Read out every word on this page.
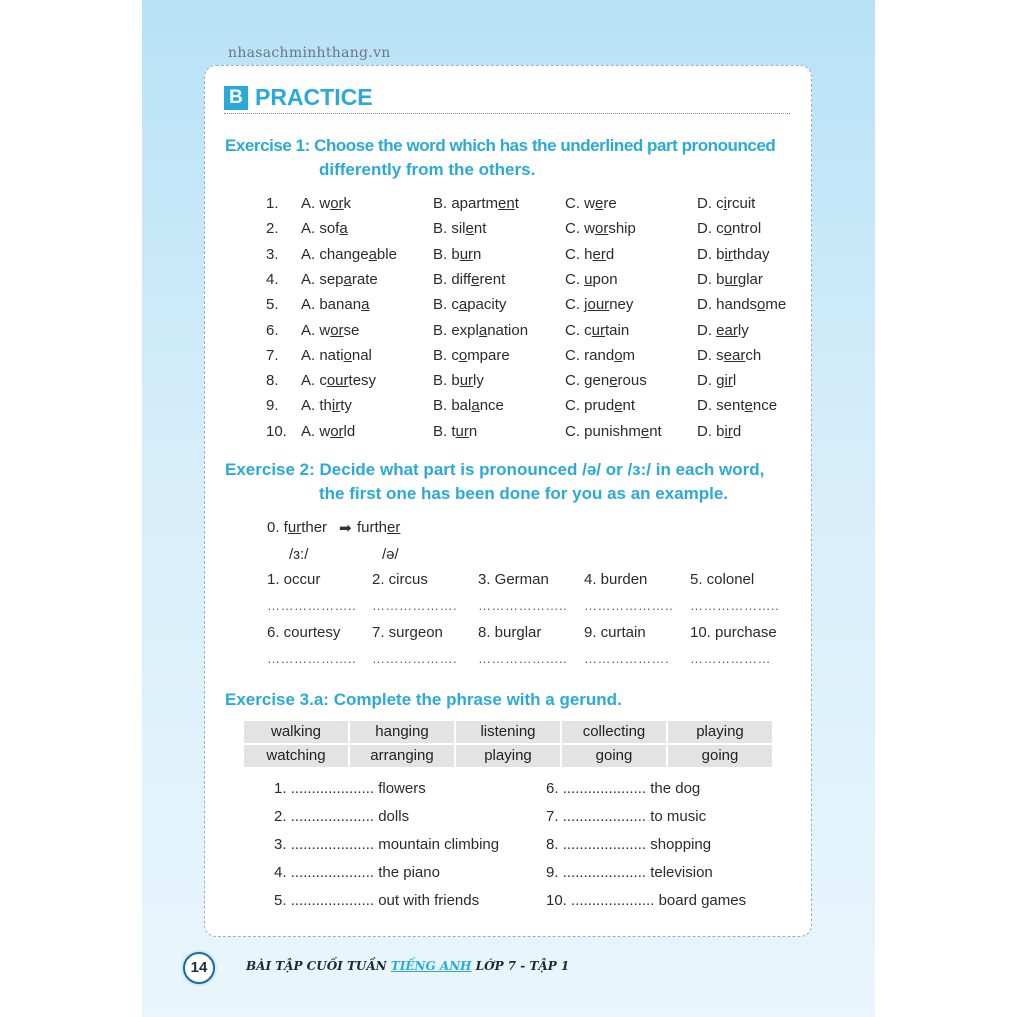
nhasachminhthang.vn
B PRACTICE
Exercise 1: Choose the word which has the underlined part pronounced
differently from the others.
1. A. work	B. apartment	C. were	D. circuit
2. A. sofa	B. silent	C. worship	D. control
3. A. changeable B. burn	C. herd	D. birthday
4. A. separate	B. different	C. upon	D. burglar
5. A. banana	B. capacity	C. journey	D. handsome
6. A. worse	B. explanation C. curtain	D. early
7. A. national	B. compare	C. random	D. search
8. A. courtesy	B. burly	C. generous	D. girl
9. A. thirty	B. balance	C. prudent	D. sentence
10. A. world	B. turn	C. punishment D. bird
Exercise 2: Decide what part is pronounced /ə/ or /ɜ:/ in each word,
the first one has been done for you as an example.
0. further ➡ further
/ɜ:/	/ə/
1. occur	2. circus	3. German 4. burden	5. colonel
……………….. ………………. ……………….. ……………….. ………………..
6. courtesy 7. surgeon 8. burglar	9. curtain	10. purchase
……………….. ………………. ……………….. ………………. ………………
Exercise 3.a: Complete the phrase with a gerund.
walking	hanging	listening	collecting	playing
watching	arranging	playing	going	going
1. .................... flowers
2. .................... dolls
3. .................... mountain climbing
4. .................... the piano
5. .................... out with friends
6. .................... the dog
7. .................... to music
8. .................... shopping
9. .................... television
10. .................... board games
14	BÀI TẬP CUỐI TUẦN TIẾNG ANH LỚP 7 - TẬP 1
